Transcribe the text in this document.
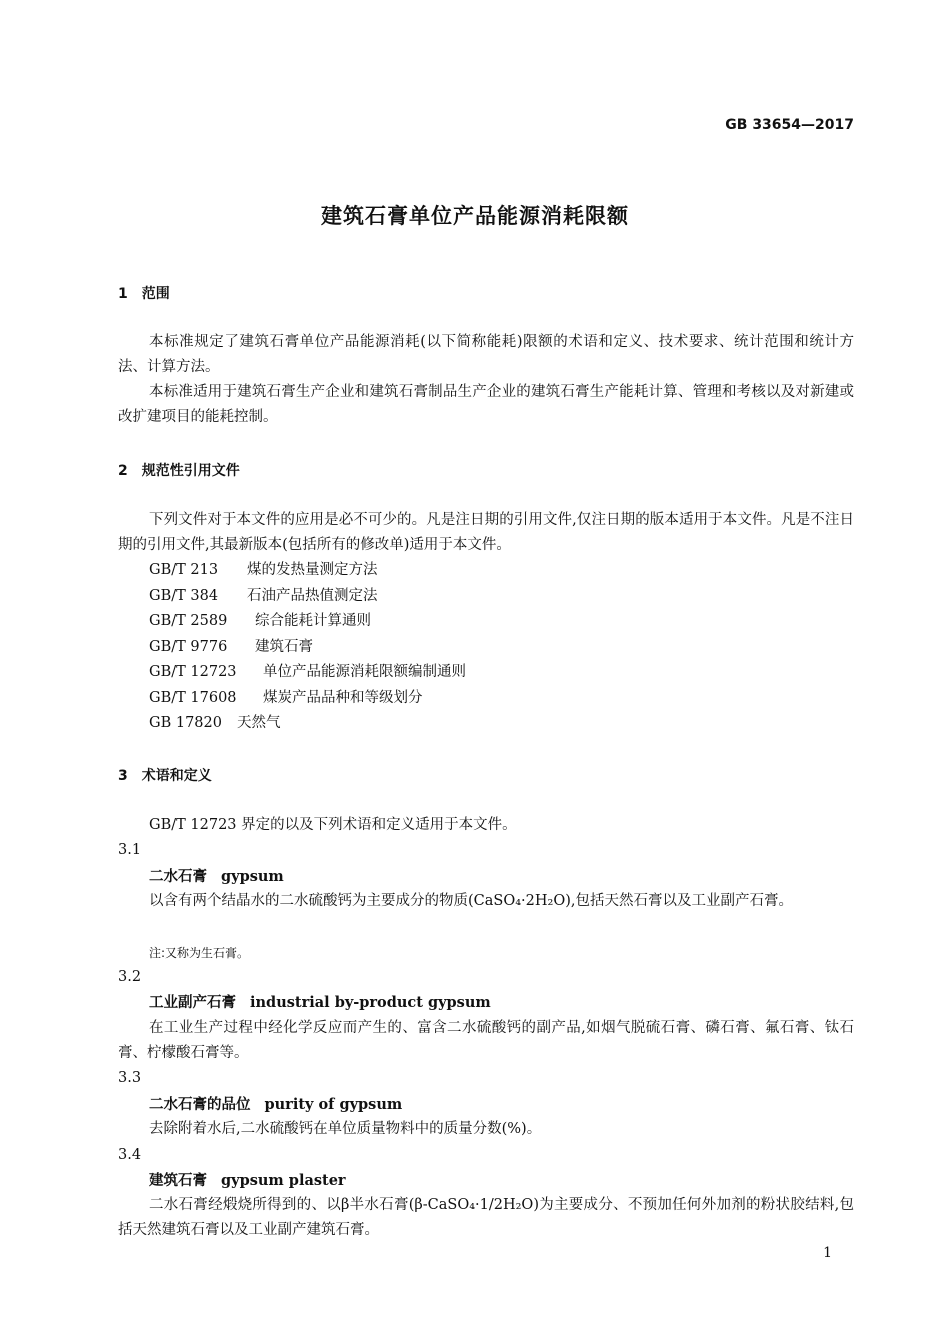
GB 33654—2017
建筑石膏单位产品能源消耗限额
1　范围
本标准规定了建筑石膏单位产品能源消耗(以下简称能耗)限额的术语和定义、技术要求、统计范围和统计方法、计算方法。
本标准适用于建筑石膏生产企业和建筑石膏制品生产企业的建筑石膏生产能耗计算、管理和考核以及对新建或改扩建项目的能耗控制。
2　规范性引用文件
下列文件对于本文件的应用是必不可少的。凡是注日期的引用文件,仅注日期的版本适用于本文件。凡是不注日期的引用文件,其最新版本(包括所有的修改单)适用于本文件。
GB/T 213 煤的发热量测定方法
GB/T 384 石油产品热值测定法
GB/T 2589 综合能耗计算通则
GB/T 9776 建筑石膏
GB/T 12723 单位产品能源消耗限额编制通则
GB/T 17608 煤炭产品品种和等级划分
GB 17820 天然气
3　术语和定义
GB/T 12723 界定的以及下列术语和定义适用于本文件。
3.1
二水石膏 gypsum
以含有两个结晶水的二水硫酸钙为主要成分的物质(CaSO₄·2H₂O),包括天然石膏以及工业副产石膏。
注:又称为生石膏。
3.2
工业副产石膏 industrial by-product gypsum
在工业生产过程中经化学反应而产生的、富含二水硫酸钙的副产品,如烟气脱硫石膏、磷石膏、氟石膏、钛石膏、柠檬酸石膏等。
3.3
二水石膏的品位 purity of gypsum
去除附着水后,二水硫酸钙在单位质量物料中的质量分数(%)。
3.4
建筑石膏 gypsum plaster
二水石膏经煅烧所得到的、以β半水石膏(β-CaSO₄·1/2H₂O)为主要成分、不预加任何外加剂的粉状胶结料,包括天然建筑石膏以及工业副产建筑石膏。
1
